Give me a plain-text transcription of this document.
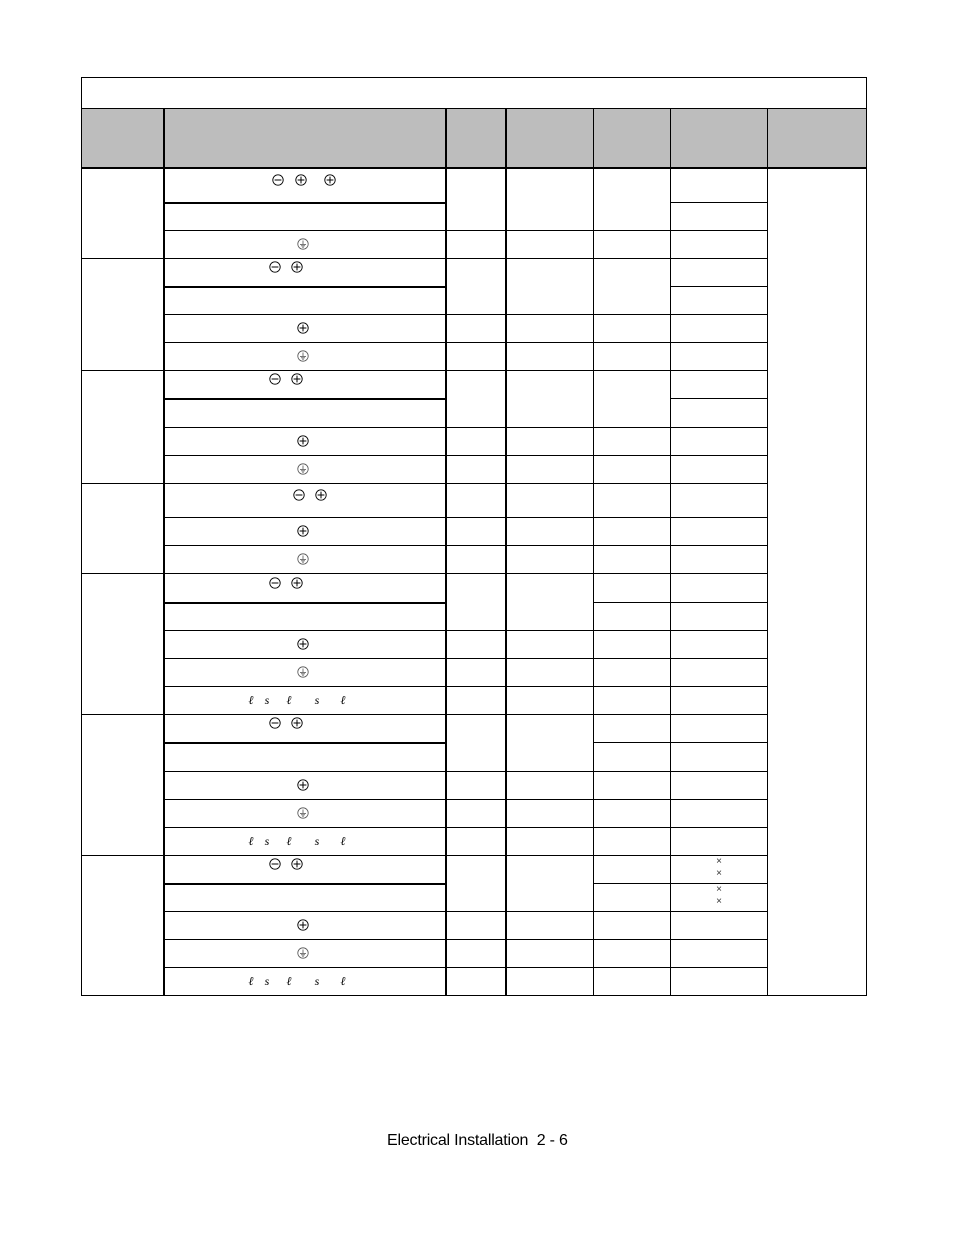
ℓ s ℓ s ℓ
ℓ s ℓ s ℓ
ℓ s ℓ s ℓ
×
×
×
×
Electrical Installation  2 - 6
